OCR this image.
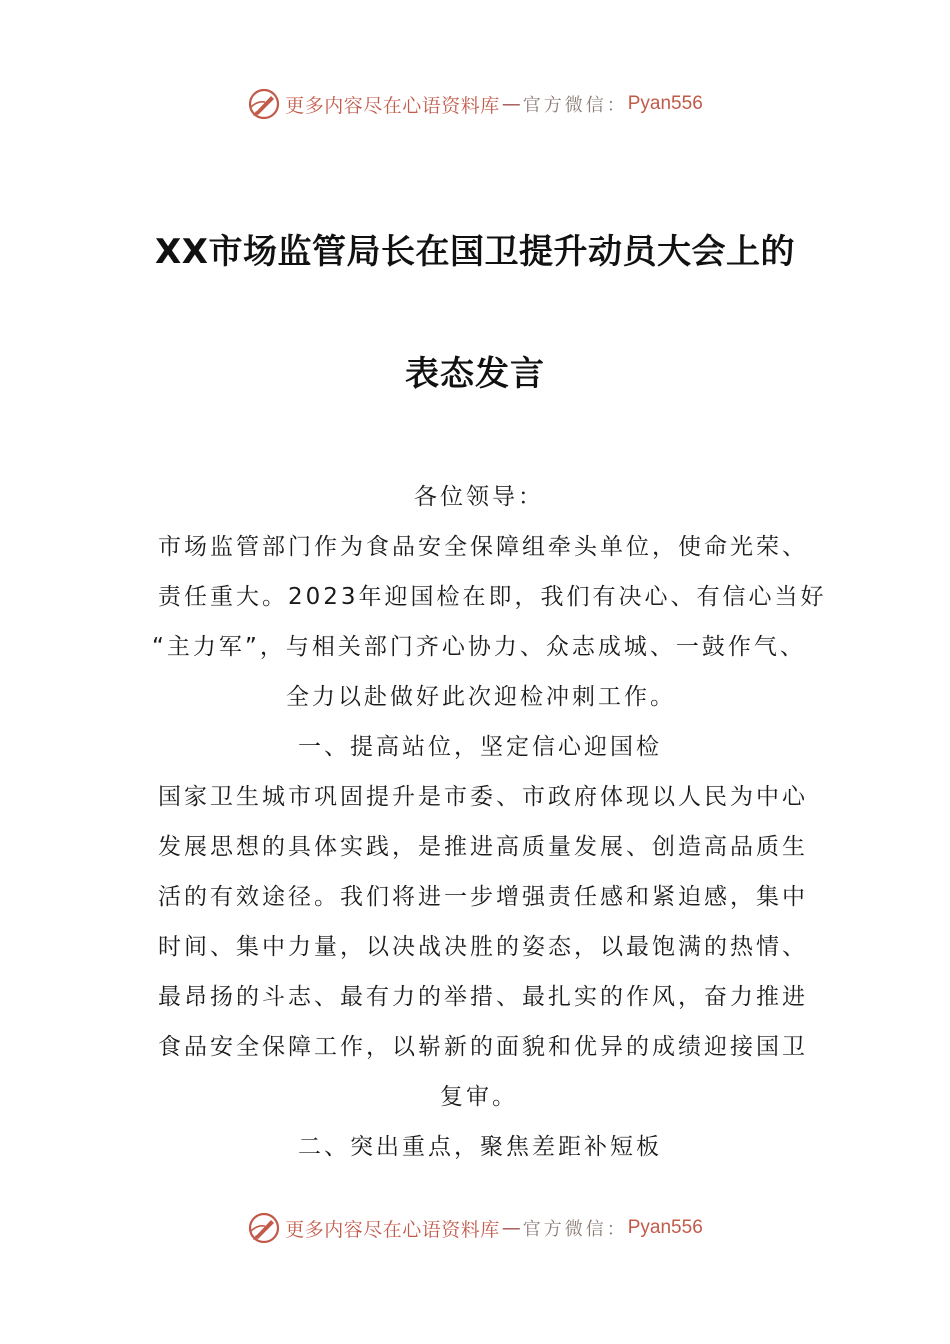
更多内容尽在心语资料库 — 官方微信： Pyan556
XX市场监管局长在国卫提升动员大会上的
表态发言
各位领导：
市场监管部门作为食品安全保障组牵头单位，使命光荣、
责任重大。2023年迎国检在即，我们有决心、有信心当好
“主力军”，与相关部门齐心协力、众志成城、一鼓作气、
全力以赴做好此次迎检冲刺工作。
一、提高站位，坚定信心迎国检
国家卫生城市巩固提升是市委、市政府体现以人民为中心
发展思想的具体实践，是推进高质量发展、创造高品质生
活的有效途径。我们将进一步增强责任感和紧迫感，集中
时间、集中力量，以决战决胜的姿态，以最饱满的热情、
最昂扬的斗志、最有力的举措、最扎实的作风，奋力推进
食品安全保障工作，以崭新的面貌和优异的成绩迎接国卫
复审。
二、突出重点，聚焦差距补短板
更多内容尽在心语资料库 — 官方微信： Pyan556
